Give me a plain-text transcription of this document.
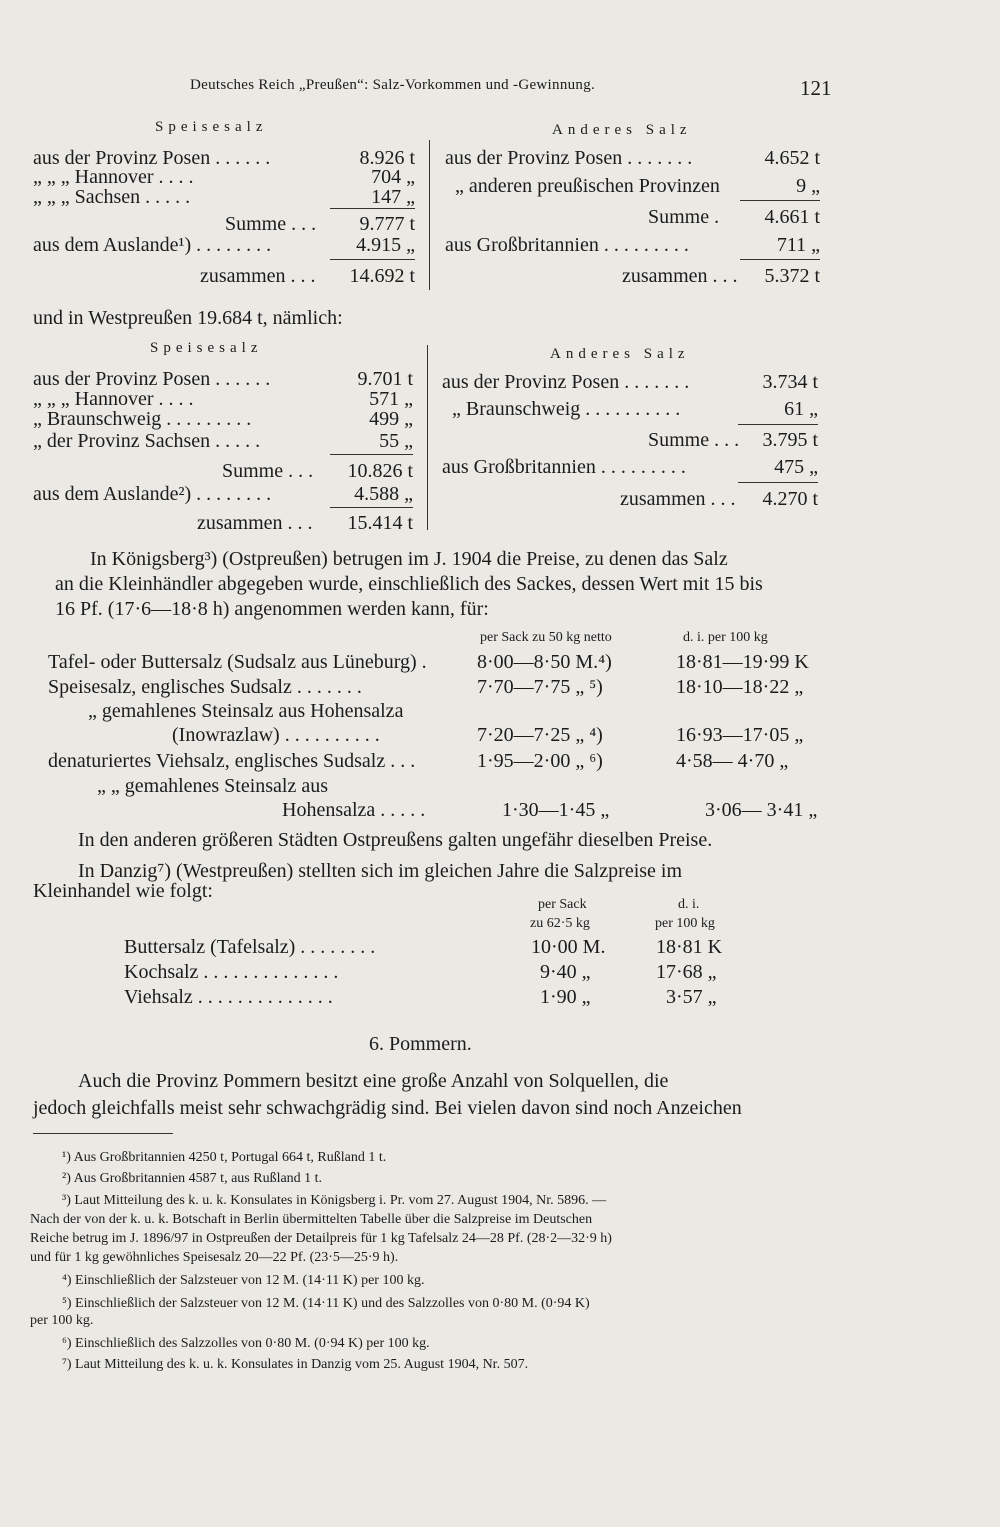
Deutsches Reich „Preußen“: Salz-Vorkommen und -Gewinnung.	121
Speisesalz	Anderes Salz
aus der Provinz Posen . . . . . .	8.926 t
„ „ „ Hannover . . . .	704 „
„ „ „ Sachsen . . . . .	147 „
Summe . . .	9.777 t
aus dem Auslande¹) . . . . . . . .	4.915 „
zusammen . . .	14.692 t
aus der Provinz Posen . . . . . . .	4.652 t
„ anderen preußischen Provinzen	9 „
Summe .	4.661 t
aus Großbritannien . . . . . . . . .	711 „
zusammen . . .	5.372 t
und in Westpreußen 19.684 t, nämlich:
Speisesalz	Anderes Salz
aus der Provinz Posen . . . . . .	9.701 t
„ „ „ Hannover . . . .	571 „
„ Braunschweig . . . . . . . . .	499 „
„ der Provinz Sachsen . . . . .	55 „
Summe . . .	10.826 t
aus dem Auslande²) . . . . . . . .	4.588 „
zusammen . . .	15.414 t
aus der Provinz Posen . . . . . . .	3.734 t
„ Braunschweig . . . . . . . . . .	61 „
Summe . . .	3.795 t
aus Großbritannien . . . . . . . . .	475 „
zusammen . . .	4.270 t
In Königsberg³) (Ostpreußen) betrugen im J. 1904 die Preise, zu denen das Salz
an die Kleinhändler abgegeben wurde, einschließlich des Sackes, dessen Wert mit 15 bis
16 Pf. (17·6—18·8 h) angenommen werden kann, für:
per Sack zu 50 kg netto	d. i. per 100 kg
Tafel- oder Buttersalz (Sudsalz aus Lüneburg) .	8·00—8·50 M.⁴)	18·81—19·99 K
Speisesalz, englisches Sudsalz . . . . . . .	7·70—7·75 „ ⁵)	18·10—18·22 „
„ gemahlenes Steinsalz aus Hohensalza
(Inowrazlaw) . . . . . . . . . .	7·20—7·25 „ ⁴)	16·93—17·05 „
denaturiertes Viehsalz, englisches Sudsalz . . .	1·95—2·00 „ ⁶)	4·58— 4·70 „
„ „ gemahlenes Steinsalz aus
Hohensalza . . . . .	1·30—1·45 „	3·06— 3·41 „
In den anderen größeren Städten Ostpreußens galten ungefähr dieselben Preise.
In Danzig⁷) (Westpreußen) stellten sich im gleichen Jahre die Salzpreise im
Kleinhandel wie folgt:
per Sack
zu 62·5 kg
d. i.
per 100 kg
Buttersalz (Tafelsalz) . . . . . . . .	10·00 M.	18·81 K
Kochsalz . . . . . . . . . . . . . .	9·40 „	17·68 „
Viehsalz . . . . . . . . . . . . . .	1·90 „	3·57 „
6. Pommern.
Auch die Provinz Pommern besitzt eine große Anzahl von Solquellen, die
jedoch gleichfalls meist sehr schwachgrädig sind. Bei vielen davon sind noch Anzeichen
¹) Aus Großbritannien 4250 t, Portugal 664 t, Rußland 1 t.
²) Aus Großbritannien 4587 t, aus Rußland 1 t.
³) Laut Mitteilung des k. u. k. Konsulates in Königsberg i. Pr. vom 27. August 1904, Nr. 5896. —
Nach der von der k. u. k. Botschaft in Berlin übermittelten Tabelle über die Salzpreise im Deutschen
Reiche betrug im J. 1896/97 in Ostpreußen der Detailpreis für 1 kg Tafelsalz 24—28 Pf. (28·2—32·9 h)
und für 1 kg gewöhnliches Speisesalz 20—22 Pf. (23·5—25·9 h).
⁴) Einschließlich der Salzsteuer von 12 M. (14·11 K) per 100 kg.
⁵) Einschließlich der Salzsteuer von 12 M. (14·11 K) und des Salzzolles von 0·80 M. (0·94 K)
per 100 kg.
⁶) Einschließlich des Salzzolles von 0·80 M. (0·94 K) per 100 kg.
⁷) Laut Mitteilung des k. u. k. Konsulates in Danzig vom 25. August 1904, Nr. 507.
